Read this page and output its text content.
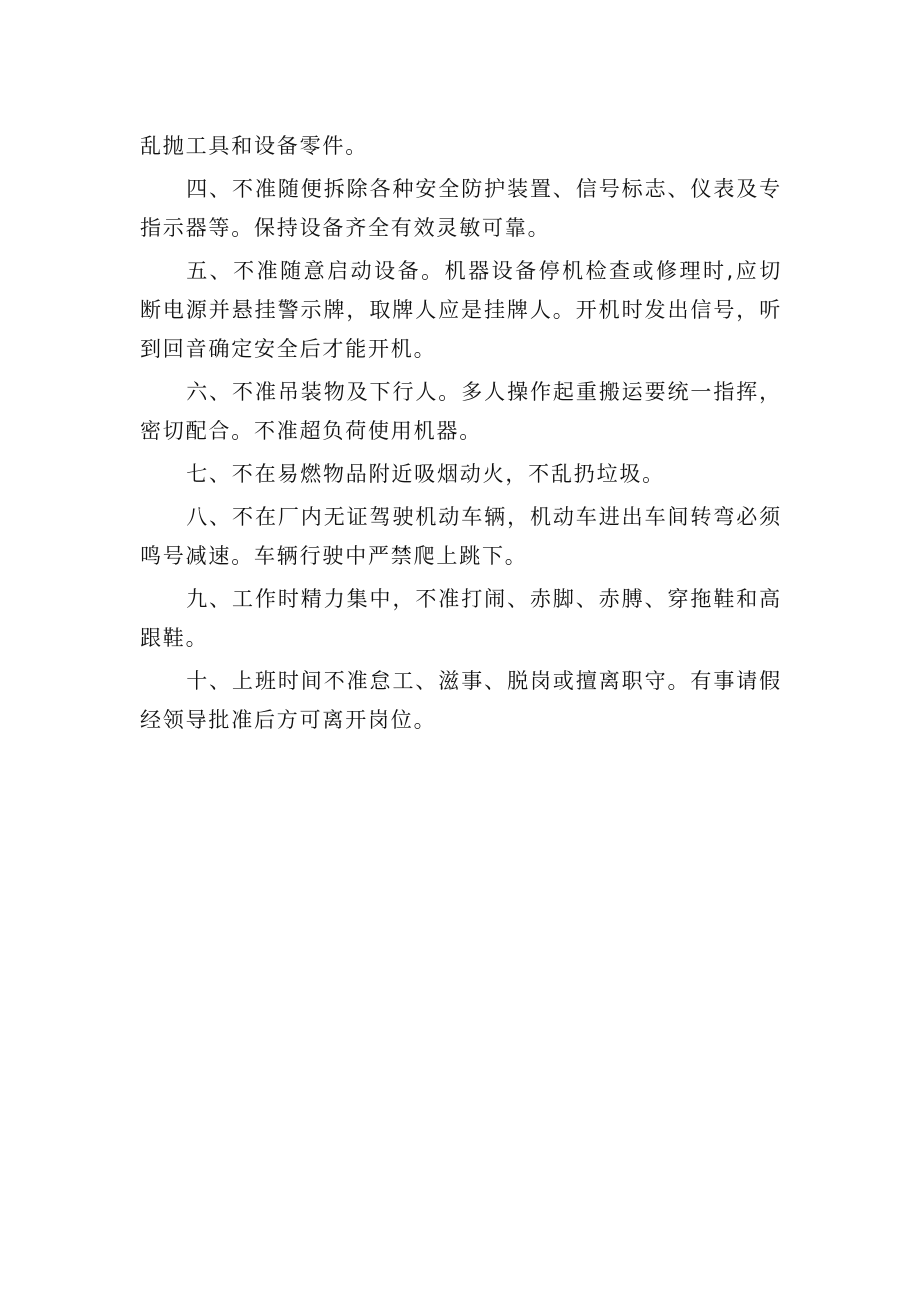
乱抛工具和设备零件。

四、不准随便拆除各种安全防护装置、信号标志、仪表及专指示器等。保持设备齐全有效灵敏可靠。

五、不准随意启动设备。机器设备停机检查或修理时,应切断电源并悬挂警示牌，取牌人应是挂牌人。开机时发出信号，听到回音确定安全后才能开机。

六、不准吊装物及下行人。多人操作起重搬运要统一指挥，密切配合。不准超负荷使用机器。

七、不在易燃物品附近吸烟动火，不乱扔垃圾。

八、不在厂内无证驾驶机动车辆，机动车进出车间转弯必须鸣号减速。车辆行驶中严禁爬上跳下。

九、工作时精力集中，不准打闹、赤脚、赤膊、穿拖鞋和高跟鞋。

十、上班时间不准怠工、滋事、脱岗或擅离职守。有事请假经领导批准后方可离开岗位。
